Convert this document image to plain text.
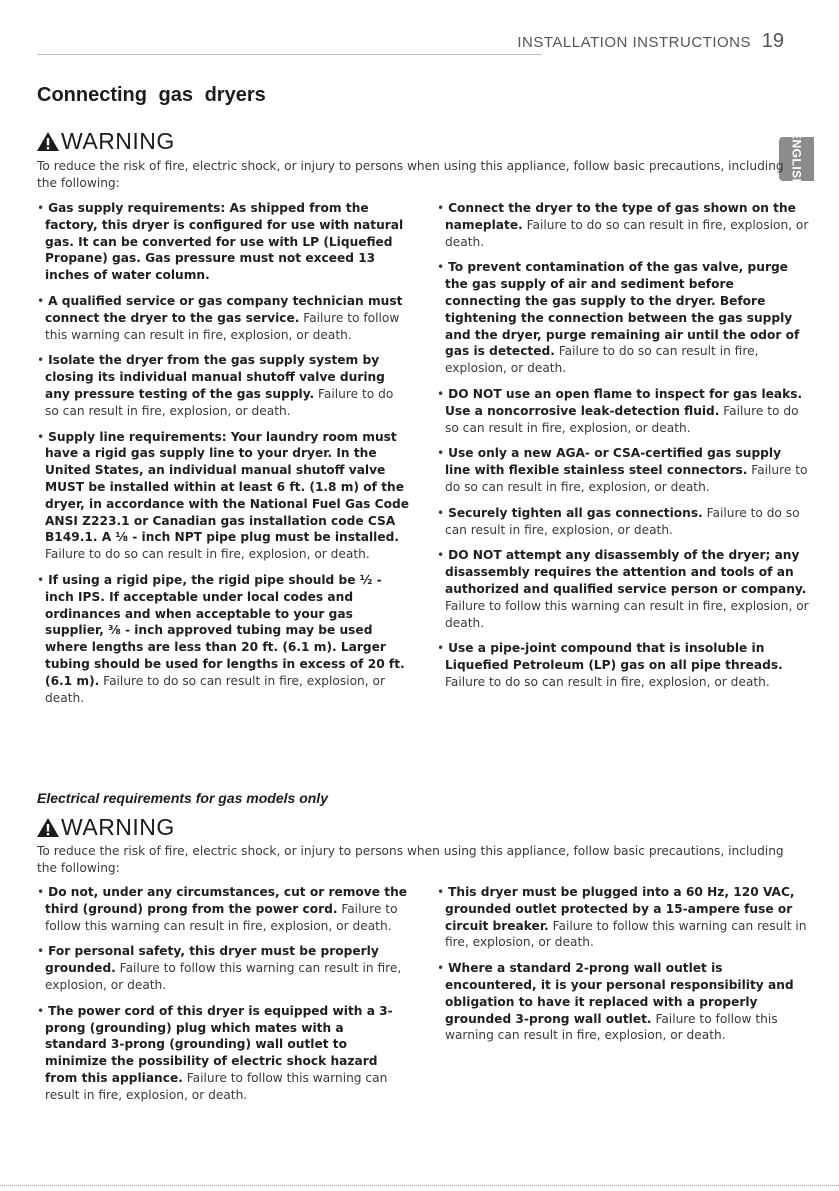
INSTALLATION INSTRUCTIONS 19
ENGLISH
Connecting gas dryers
WARNING
To reduce the risk of fire, electric shock, or injury to persons when using this appliance, follow basic precautions, including the following:

• Gas supply requirements: As shipped from the factory, this dryer is configured for use with natural gas. It can be converted for use with LP (Liquefied Propane) gas. Gas pressure must not exceed 13 inches of water column.

• A qualified service or gas company technician must connect the dryer to the gas service. Failure to follow this warning can result in fire, explosion, or death.

• Isolate the dryer from the gas supply system by closing its individual manual shutoff valve during any pressure testing of the gas supply. Failure to do so can result in fire, explosion, or death.

• Supply line requirements: Your laundry room must have a rigid gas supply line to your dryer. In the United States, an individual manual shutoff valve MUST be installed within at least 6 ft. (1.8 m) of the dryer, in accordance with the National Fuel Gas Code ANSI Z223.1 or Canadian gas installation code CSA B149.1. A ⅛ - inch NPT pipe plug must be installed. Failure to do so can result in fire, explosion, or death.

• If using a rigid pipe, the rigid pipe should be ½ - inch IPS. If acceptable under local codes and ordinances and when acceptable to your gas supplier, ⅜ - inch approved tubing may be used where lengths are less than 20 ft. (6.1 m). Larger tubing should be used for lengths in excess of 20 ft. (6.1 m). Failure to do so can result in fire, explosion, or death.

• Connect the dryer to the type of gas shown on the nameplate. Failure to do so can result in fire, explosion, or death.

• To prevent contamination of the gas valve, purge the gas supply of air and sediment before connecting the gas supply to the dryer. Before tightening the connection between the gas supply and the dryer, purge remaining air until the odor of gas is detected. Failure to do so can result in fire, explosion, or death.

• DO NOT use an open flame to inspect for gas leaks. Use a noncorrosive leak-detection fluid. Failure to do so can result in fire, explosion, or death.

• Use only a new AGA- or CSA-certified gas supply line with flexible stainless steel connectors. Failure to do so can result in fire, explosion, or death.

• Securely tighten all gas connections. Failure to do so can result in fire, explosion, or death.

• DO NOT attempt any disassembly of the dryer; any disassembly requires the attention and tools of an authorized and qualified service person or company. Failure to follow this warning can result in fire, explosion, or death.

• Use a pipe-joint compound that is insoluble in Liquefied Petroleum (LP) gas on all pipe threads. Failure to do so can result in fire, explosion, or death.

Electrical requirements for gas models only
WARNING
To reduce the risk of fire, electric shock, or injury to persons when using this appliance, follow basic precautions, including the following:

• Do not, under any circumstances, cut or remove the third (ground) prong from the power cord. Failure to follow this warning can result in fire, explosion, or death.

• For personal safety, this dryer must be properly grounded. Failure to follow this warning can result in fire, explosion, or death.

• The power cord of this dryer is equipped with a 3-prong (grounding) plug which mates with a standard 3-prong (grounding) wall outlet to minimize the possibility of electric shock hazard from this appliance. Failure to follow this warning can result in fire, explosion, or death.

• This dryer must be plugged into a 60 Hz, 120 VAC, grounded outlet protected by a 15-ampere fuse or circuit breaker. Failure to follow this warning can result in fire, explosion, or death.

• Where a standard 2-prong wall outlet is encountered, it is your personal responsibility and obligation to have it replaced with a properly grounded 3-prong wall outlet. Failure to follow this warning can result in fire, explosion, or death.
